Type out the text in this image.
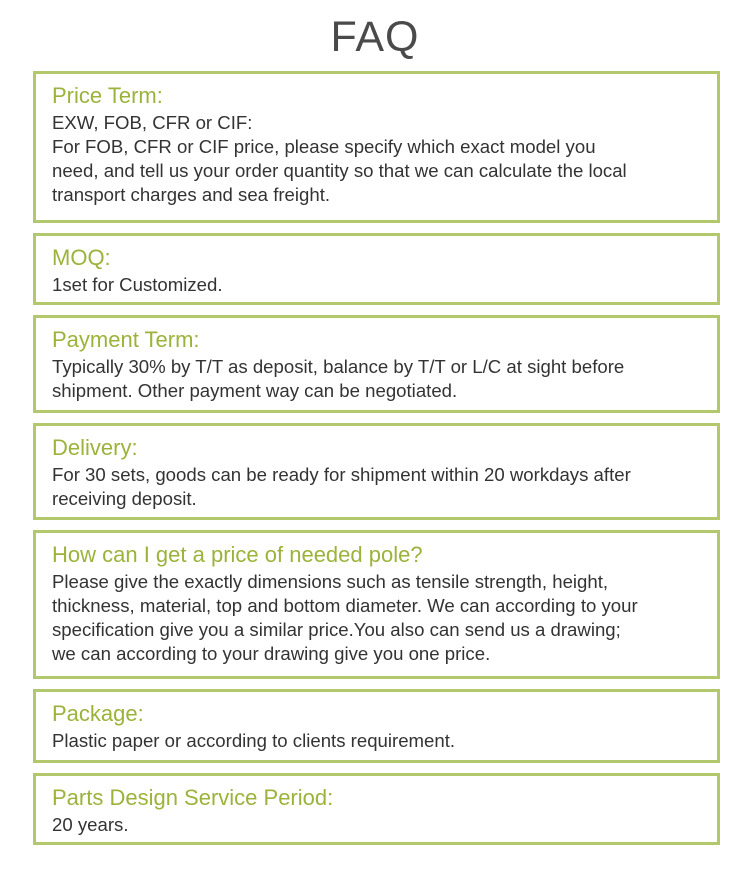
FAQ
Price Term:

EXW, FOB, CFR or CIF:

For FOB, CFR or CIF price, please specify which exact model you

need, and tell us your order quantity so that we can calculate the local

transport charges and sea freight.

MOQ:

1set for Customized.

Payment Term:

Typically 30% by T/T as deposit, balance by T/T or L/C at sight before

shipment. Other payment way can be negotiated.

Delivery:

For 30 sets, goods can be ready for shipment within 20 workdays after

receiving deposit.

How can I get a price of needed pole?

Please give the exactly dimensions such as tensile strength, height,

thickness, material, top and bottom diameter. We can according to your

specification give you a similar price.You also can send us a drawing;

we can according to your drawing give you one price.

Package:

Plastic paper or according to clients requirement.

Parts Design Service Period:

20 years.
